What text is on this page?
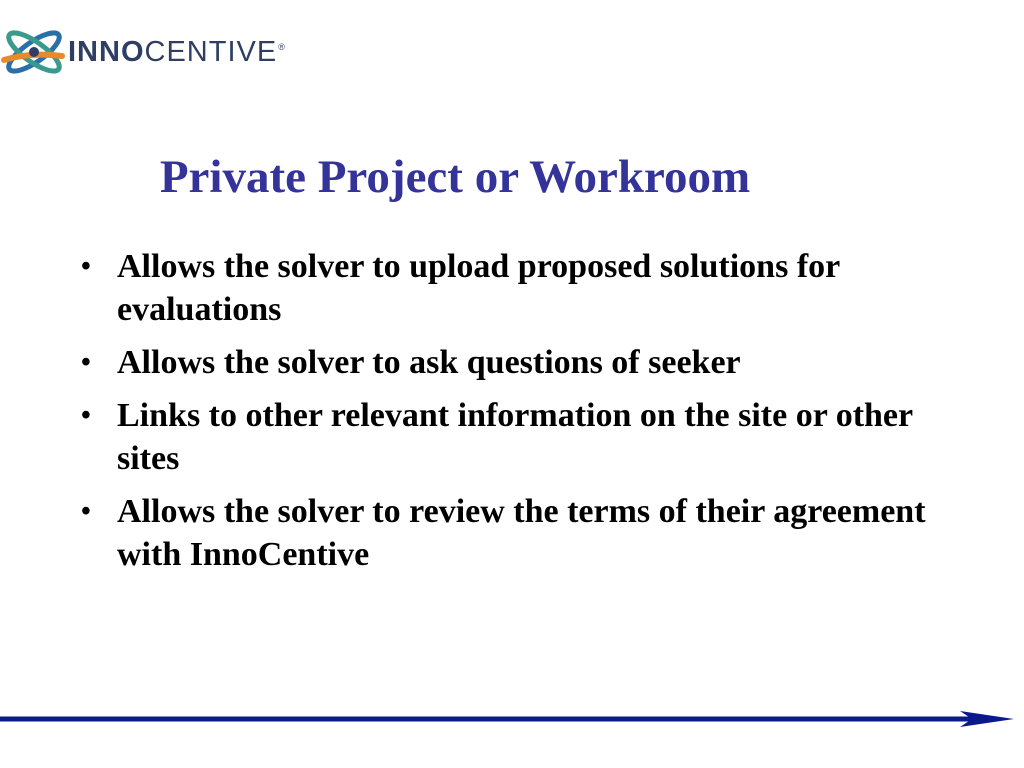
INNOCENTIVE®
Private Project or Workroom
• Allows the solver to upload proposed solutions for evaluations
• Allows the solver to ask questions of seeker
• Links to other relevant information on the site or other sites
• Allows the solver to review the terms of their agreement with InnoCentive
